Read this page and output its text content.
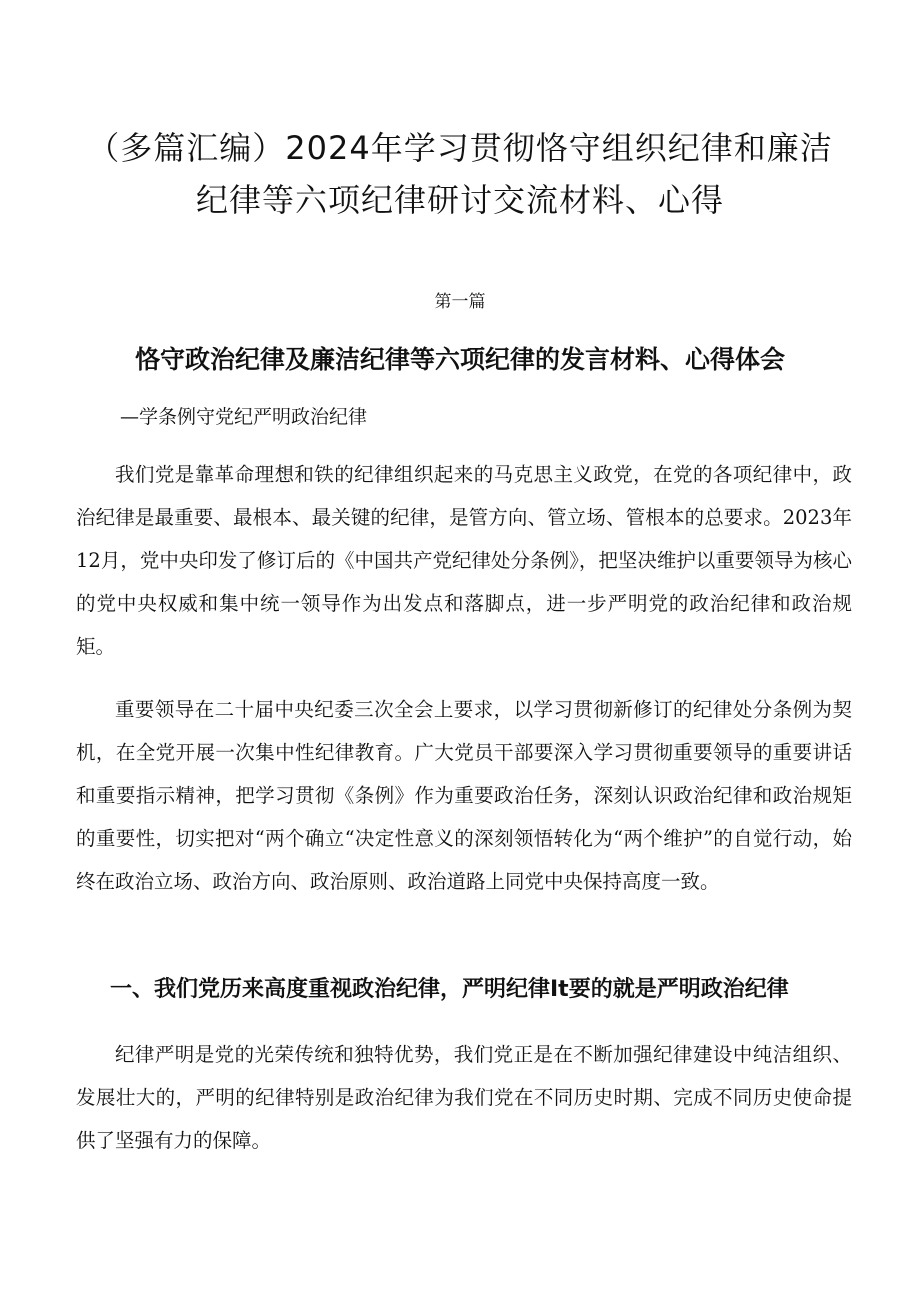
（多篇汇编）2024年学习贯彻恪守组织纪律和廉洁
纪律等六项纪律研讨交流材料、心得
第一篇
恪守政治纪律及廉洁纪律等六项纪律的发言材料、心得体会
—学条例守党纪严明政治纪律

我们党是靠革命理想和铁的纪律组织起来的马克思主义政党，在党的各项纪律中，政治纪律是最重要、最根本、最关键的纪律，是管方向、管立场、管根本的总要求。2023年12月，党中央印发了修订后的《中国共产党纪律处分条例》，把坚决维护以重要领导为核心的党中央权威和集中统一领导作为出发点和落脚点，进一步严明党的政治纪律和政治规矩。

重要领导在二十届中央纪委三次全会上要求，以学习贯彻新修订的纪律处分条例为契机，在全党开展一次集中性纪律教育。广大党员干部要深入学习贯彻重要领导的重要讲话和重要指示精神，把学习贯彻《条例》作为重要政治任务，深刻认识政治纪律和政治规矩的重要性，切实把对“两个确立“决定性意义的深刻领悟转化为“两个维护”的自觉行动，始终在政治立场、政治方向、政治原则、政治道路上同党中央保持高度一致。

一、我们党历来高度重视政治纪律，严明纪律It要的就是严明政治纪律

纪律严明是党的光荣传统和独特优势，我们党正是在不断加强纪律建设中纯洁组织、发展壮大的，严明的纪律特别是政治纪律为我们党在不同历史时期、完成不同历史使命提供了坚强有力的保障。
